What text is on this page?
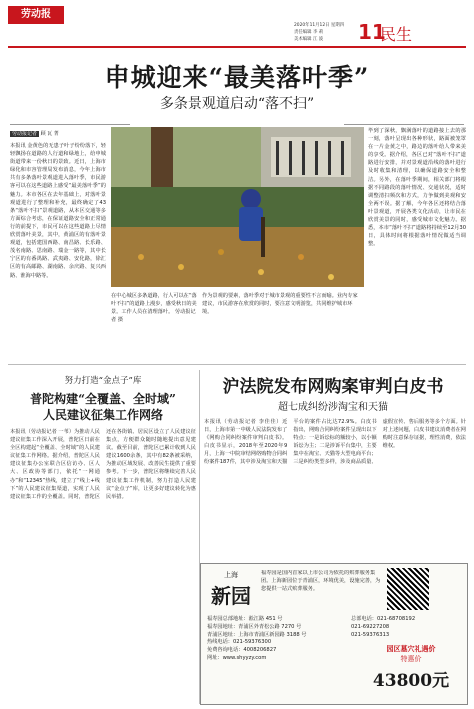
劳动报
2020年11月12日 星期四
责任编辑 李 莉
美术编辑 江 波 11
民生
申城迎来“最美落叶季”
多条景观道启动“落不扫”
劳动报记者 顾 瓦 菁
本报讯 金黄色的无患子叶子纷纷落下，轻轻飘扬在道路的人行道和绿地上，给申城街道带来一份秋日的景致。近日，上海市绿化和市容管理局发布消息，今年上海市共有多条落叶景观道进入落叶季，市民游客可以在这些道路上感受“最美落叶季”的魅力。本市各区在去年基础上，对落叶景观道进行了整理和补充，最终确定了43条“落叶不扫”景观道路，从本区交通等多方面综合考虑，在保证道路安全和正常通行的前提下，市民可以在这些道路上尽情欣赏落叶美景，其中，黄浦区的有落叶景观道，包括建国西路、南昌路、长乐路、茂名南路、思南路、瑞金一路等，其中长宁区的有番禺路、武夷路、安化路，徐汇区的有高邮路、湖南路、余庆路、复兴西路、淮海中路等。
在中心城区多条道路，行人可以在“落叶不扫”的道路上漫步，感受秋日的美景。工作人员在清理落叶。 劳动报记者 摄
作为景观的要素，落叶季对于城市景观的重要性不言而喻。业内专家建议，市民游客在欣赏的同时，要注意文明游览，共同维护城市环境。
毕到了深秋，飘满落叶的道路接上去的那一刻，落叶呈现出各种形状，路面被笼罩在一片金黄之中，路边的落叶给人带来美的享受。据介绍，各区已对“落叶不扫”道路进行安排，并对景观道沿线的落叶进行及时收集和清理，以确保道路安全和整洁。另外，在落叶季期间，相关部门将根据不同路段的落叶情况、交通状况，适时调整清扫频次和方式，力争做到美观和安全两不误。据了解，今年各区还将结合落叶景观道，开展各类文化活动，让市民在欣赏美景的同时，感受城市文化魅力。据悉，本市“落叶不扫”道路将持续至12月30日，具体时间将根据落叶情况做适当调整。
努力打造“金点子”库
普陀构建“全覆盖、全时域”
人民建议征集工作网络
本报讯（劳动报记者 一苇）为推动人民建议征集工作深入开展，普陀区日前在全区构建起“全覆盖、全时域”的人民建议征集工作网络。据介绍，普陀区人民建议征集办公室联合区信访办、区人大、区政协等部门，依托“一网通办”和“12345”热线，建立了“线上+线下”的人民建议征集渠道，实现了人民建议征集工作的全覆盖。同时，普陀区还在各街镇、居民区设立了人民建议征集点，方便群众随时随地提出意见建议。截至目前，普陀区已累计收到人民建议1600余条，其中有82条被采纳，为推动区域发展、改善民生提供了重要参考。下一步，普陀区将继续完善人民建议征集工作机制，努力打造人民建议“金点子”库，让更多好建议转化为惠民举措。
沪法院发布网购案审判白皮书
超七成纠纷涉淘宝和天猫
本报讯（劳动报记者 李佳佳）近日，上海市第一中级人民法院发布了《网购合同纠纷案件审判白皮书》。白皮书显示，2018年至2020年9月，上海一中院审结网络购物合同纠纷案件187件，其中涉及淘宝和天猫平台的案件占比达72.9%。白皮书指出，网购合同纠纷案件呈现出以下特点：一是诉讼标的额较小，以小额诉讼为主；二是涉诉平台集中，主要集中在淘宝、天猫等大型电商平台；三是纠纷类型多样，涉及商品质量、虚假宣传、售后服务等多个方面。针对上述问题，白皮书建议消费者在网购时注意保存证据，理性消费，依法维权。
上海
新园
福寿园是国内首家以上市公司为依托的殡葬服务集团。上海新园位于青浦区，环境优美，设施完善，为您提供一站式殡葬服务。
福寿园总部地址：淞江路 451 号
福寿园地址：青浦区外青松公路 7270 号
青浦区地址：上海市青浦区新园路 3188 号
热线电话：021-59376300
免费咨询电话：4008206827
网址：www.shyyzy.com
总部电话：021-68708192
021-69227208
021-59376313
园区墓穴礼遇价
特惠价
43800元
